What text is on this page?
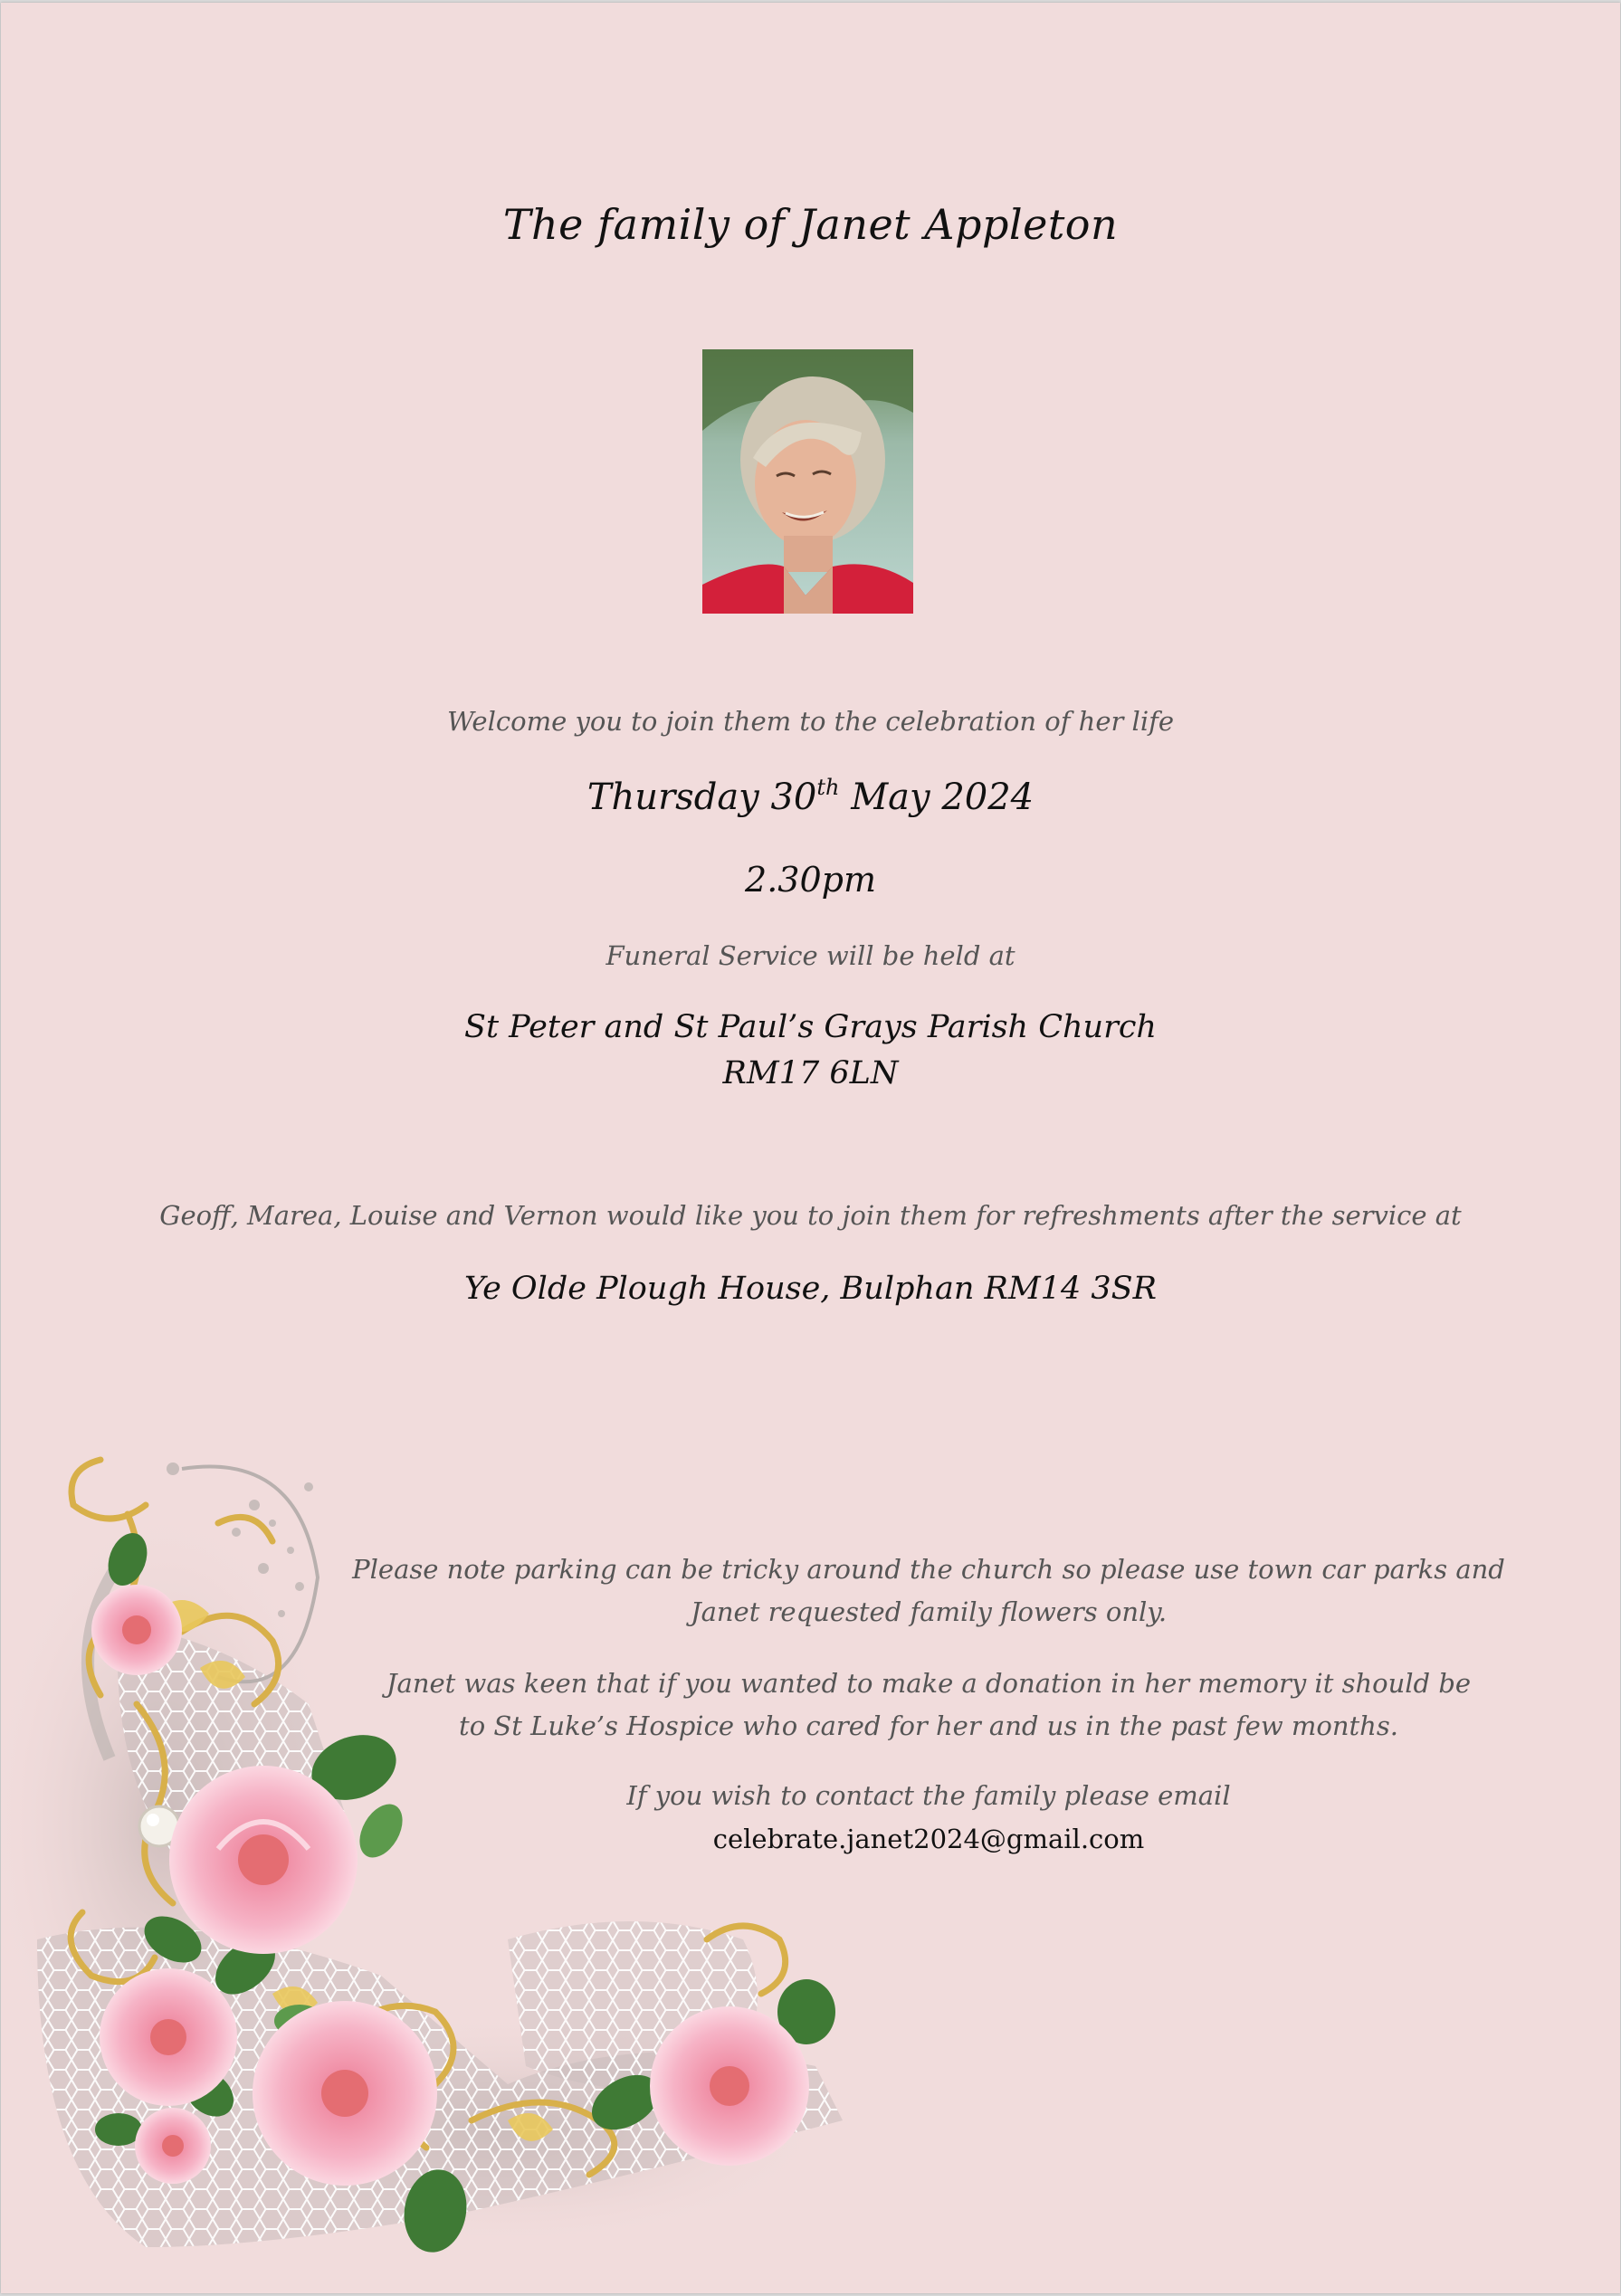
The family of Janet Appleton
Welcome you to join them to the celebration of her life
Thursday 30th May 2024
2.30pm
Funeral Service will be held at
St Peter and St Paul’s Grays Parish Church
RM17 6LN
Geoff, Marea, Louise and Vernon would like you to join them for refreshments after the service at
Ye Olde Plough House, Bulphan RM14 3SR
Please note parking can be tricky around the church so please use town car parks and
Janet requested family flowers only.
Janet was keen that if you wanted to make a donation in her memory it should be
to St Luke’s Hospice who cared for her and us in the past few months.
If you wish to contact the family please email
celebrate.janet2024@gmail.com
